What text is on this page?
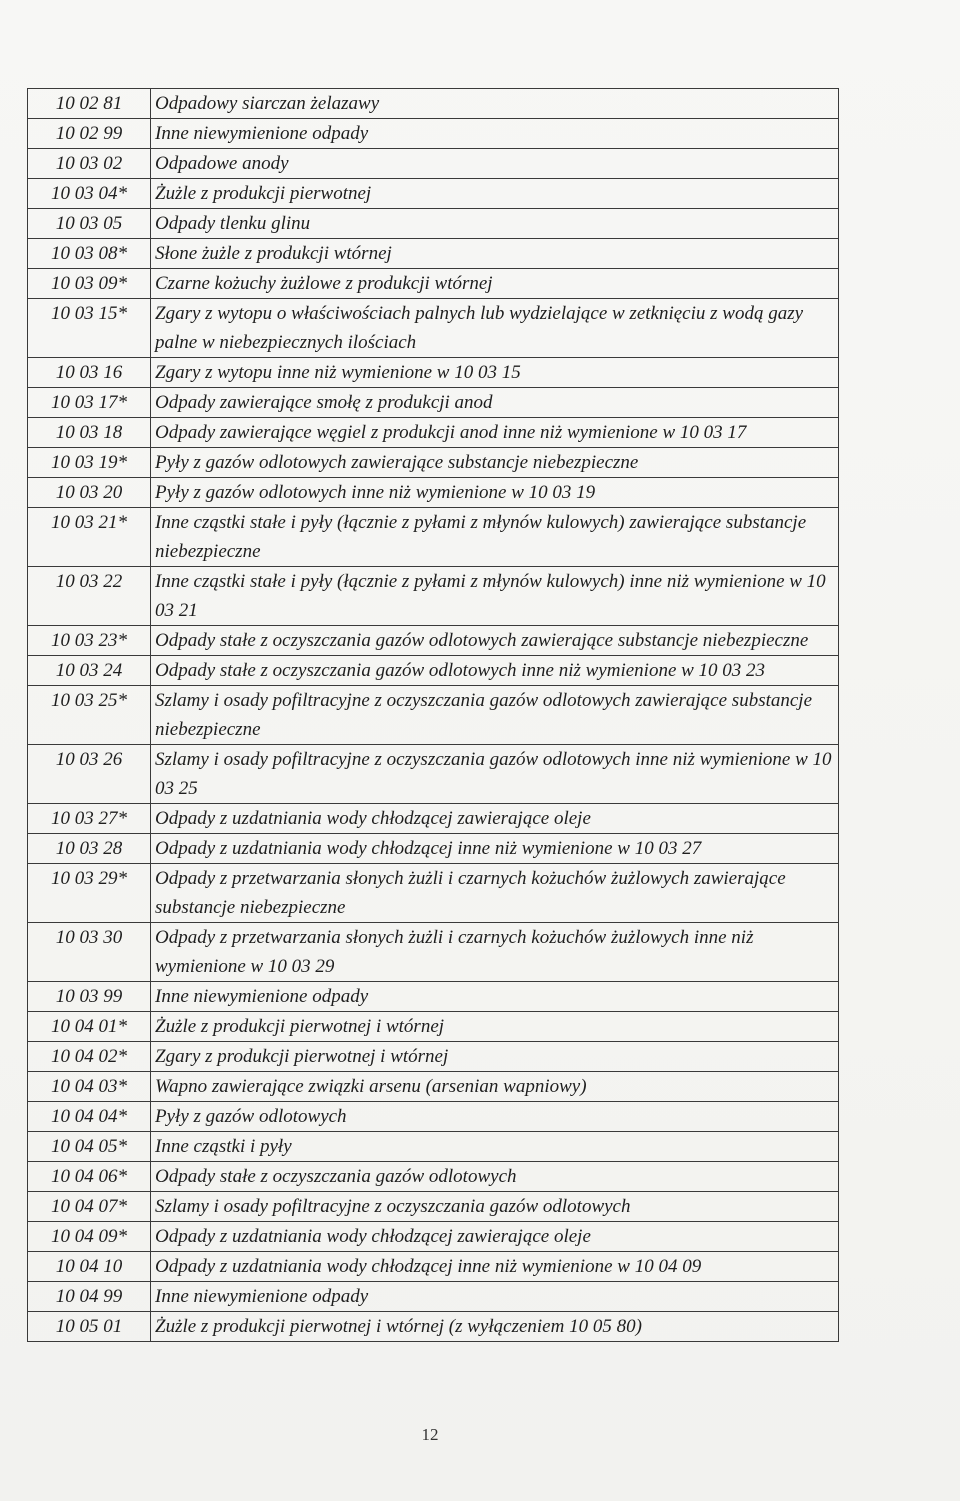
10 02 81	Odpadowy siarczan żelazawy
10 02 99	Inne niewymienione odpady
10 03 02	Odpadowe anody
10 03 04*	Żużle z produkcji pierwotnej
10 03 05	Odpady tlenku glinu
10 03 08*	Słone żużle z produkcji wtórnej
10 03 09*	Czarne kożuchy żużlowe z produkcji wtórnej
10 03 15*	Zgary z wytopu o właściwościach palnych lub wydzielające w zetknięciu z wodą gazy palne w niebezpiecznych ilościach
10 03 16	Zgary z wytopu inne niż wymienione w 10 03 15
10 03 17*	Odpady zawierające smołę z produkcji anod
10 03 18	Odpady zawierające węgiel z produkcji anod inne niż wymienione w 10 03 17
10 03 19*	Pyły z gazów odlotowych zawierające substancje niebezpieczne
10 03 20	Pyły z gazów odlotowych inne niż wymienione w 10 03 19
10 03 21*	Inne cząstki stałe i pyły (łącznie z pyłami z młynów kulowych) zawierające substancje niebezpieczne
10 03 22	Inne cząstki stałe i pyły (łącznie z pyłami z młynów kulowych) inne niż wymienione w 10 03 21
10 03 23*	Odpady stałe z oczyszczania gazów odlotowych zawierające substancje niebezpieczne
10 03 24	Odpady stałe z oczyszczania gazów odlotowych inne niż wymienione w 10 03 23
10 03 25*	Szlamy i osady pofiltracyjne z oczyszczania gazów odlotowych zawierające substancje niebezpieczne
10 03 26	Szlamy i osady pofiltracyjne z oczyszczania gazów odlotowych inne niż wymienione w 10 03 25
10 03 27*	Odpady z uzdatniania wody chłodzącej zawierające oleje
10 03 28	Odpady z uzdatniania wody chłodzącej inne niż wymienione w 10 03 27
10 03 29*	Odpady z przetwarzania słonych żużli i czarnych kożuchów żużlowych zawierające substancje niebezpieczne
10 03 30	Odpady z przetwarzania słonych żużli i czarnych kożuchów żużlowych inne niż wymienione w 10 03 29
10 03 99	Inne niewymienione odpady
10 04 01*	Żużle z produkcji pierwotnej i wtórnej
10 04 02*	Zgary z produkcji pierwotnej i wtórnej
10 04 03*	Wapno zawierające związki arsenu (arsenian wapniowy)
10 04 04*	Pyły z gazów odlotowych
10 04 05*	Inne cząstki i pyły
10 04 06*	Odpady stałe z oczyszczania gazów odlotowych
10 04 07*	Szlamy i osady pofiltracyjne z oczyszczania gazów odlotowych
10 04 09*	Odpady z uzdatniania wody chłodzącej zawierające oleje
10 04 10	Odpady z uzdatniania wody chłodzącej inne niż wymienione w 10 04 09
10 04 99	Inne niewymienione odpady
10 05 01	Żużle z produkcji pierwotnej i wtórnej (z wyłączeniem 10 05 80)
12
